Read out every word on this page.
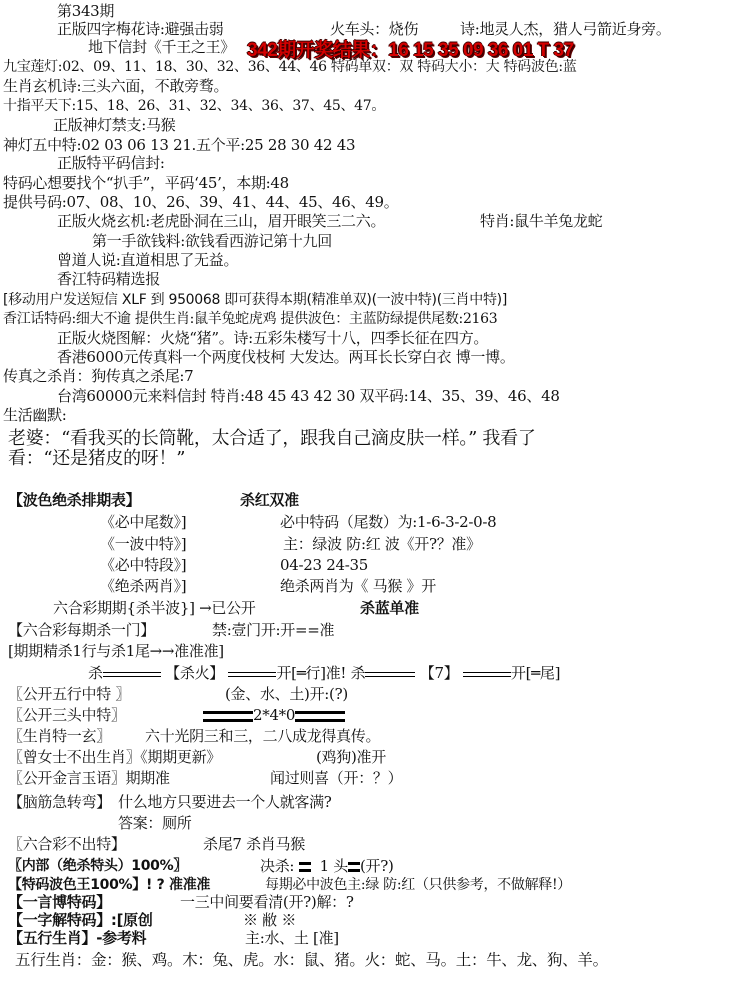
第343期
正版四字梅花诗:避强击弱	火车头：烧伤	诗:地灵人杰，猎人弓箭近身旁。
地下信封《千王之王》 342期开奖结果：16 15 35 09 36 01 T 37
九宝莲灯:02、09、11、18、30、32、36、44、46 特码单双：双 特码大小：大 特码波色:蓝
生肖玄机诗:三头六面，不敢旁骛。
十指平天下:15、18、26、31、32、34、36、37、45、47。
正版神灯禁支:马猴
神灯五中特:02 03 06 13 21.五个平:25 28 30 42 43
正版特平码信封:
特码心想要找个“扒手”，平码‘45’，本期:48
提供号码:07、08、10、26、39、41、44、45、46、49。
正版火烧玄机:老虎卧洞在三山，眉开眼笑三二六。	特肖:鼠牛羊兔龙蛇
第一手欲钱料:欲钱看西游记第十九回
曾道人说:直道相思了无益。
香江特码精选报
[移动用户发送短信 XLF 到 950068 即可获得本期(精准单双)(一波中特)(三肖中特)]
香江话特码:细大不逾 提供生肖:鼠羊兔蛇虎鸡 提供波色：主蓝防绿提供尾数:2163
正版火烧图解：火烧“猪”。诗:五彩朱楼写十八，四季长征在四方。
香港6000元传真料一个两度伐枝柯 大发达。两耳长长穿白衣 博一博。
传真之杀肖：狗传真之杀尾:7
台湾60000元来料信封 特肖:48 45 43 42 30 双平码:14、35、39、46、48
生活幽默:
老婆：“看我买的长筒靴，太合适了，跟我自己滴皮肤一样。” 我看了
看：“还是猪皮的呀！”
【波色绝杀排期表】	杀红双准
《必中尾数》]	必中特码（尾数）为:1-6-3-2-0-8
《一波中特》]	主：绿波 防:红 波《开?？准》
《必中特段》]	04-23 24-35
《绝杀两肖》]	绝杀两肖为《 马猴 》开
六合彩期期{杀半波}] →已公开	杀蓝单准
【六合彩每期杀一门】	禁:壹门开:开==准
[期期精杀1行与杀1尾→→准准准]
杀	【杀火】	开[═行]准! 杀	【7】	开[═尾]
〖公开五行中特 〗	(金、水、土)开:(?)
〖公开三头中特〗	2*4*0
〖生肖特一玄〗 六十光阴三和三，二八成龙得真传。
〖曾女士不出生肖〗《期期更新》	(鸡狗)准开
〖公开金言玉语〗期期准	闻过则喜（开：？）
【脑筋急转弯】 什么地方只要进去一个人就客满?
答案：厕所
〖六合彩不出特】	杀尾7 杀肖马猴
〖内部（绝杀特头）100%〗	决杀: 1 头 (开?)
【特码波色王100%】! ? 准准准	每期必中波色主:绿 防:红（只供参考，不做解释!）
【一言博特码】	一三中间要看清(开?)解：?
【一字解特码】:[原创	※ 敝 ※
【五行生肖】-参考料	主:水、土 [准]
五行生肖：金：猴、鸡。木：兔、虎。水：鼠、猪。火：蛇、马。土：牛、龙、狗、羊。
